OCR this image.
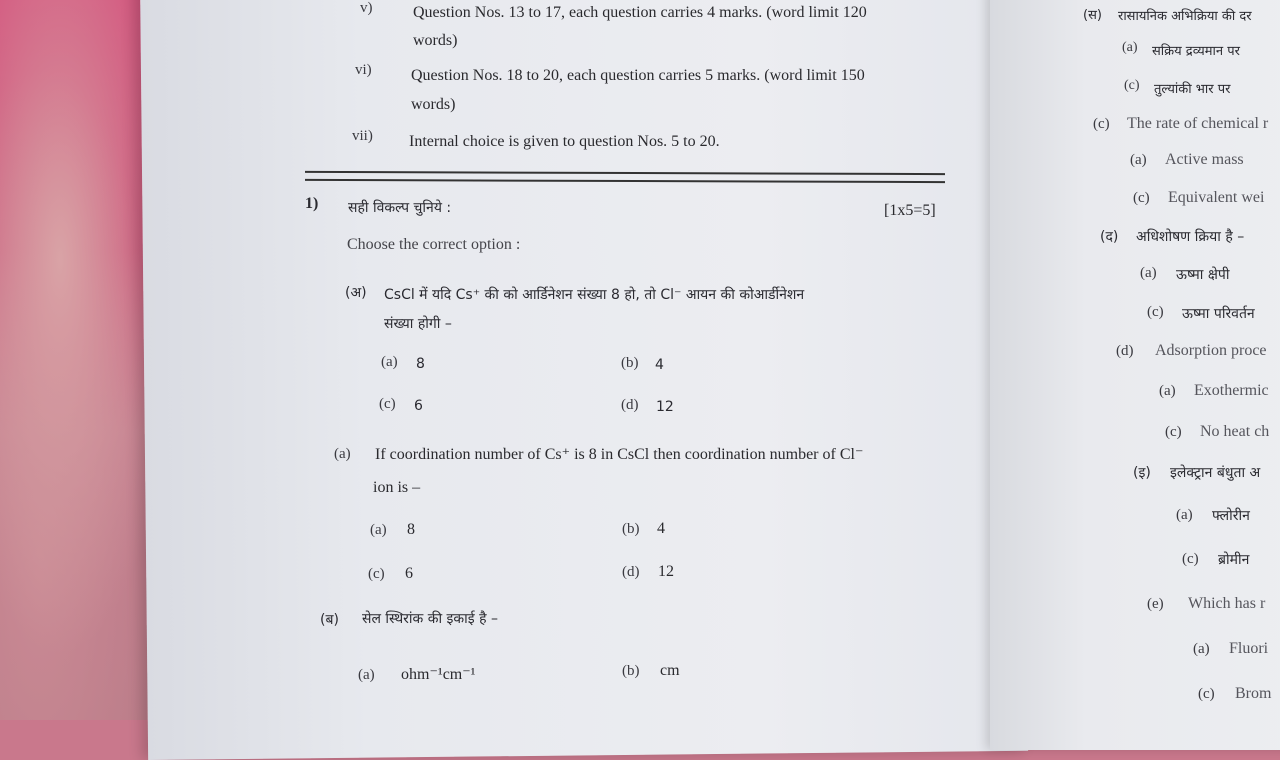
v)	Question Nos. 13 to 17, each question carries 4 marks. (word limit 120
words)
vi) Question Nos. 18 to 20, each question carries 5 marks. (word limit 150
words)
vii) Internal choice is given to question Nos. 5 to 20.
1) सही विकल्प चुनिये :	[1x5=5]
Choose the correct option :
(अ) CsCl में यदि Cs⁺ की को आर्डिनेशन संख्या 8 हो, तो Cl⁻ आयन की कोआर्डीनेशन
संख्या होगी –
(a) 8	(b) 4
(c) 6	(d) 12
(a) If coordination number of Cs⁺ is 8 in CsCl then coordination number of Cl⁻
ion is –
(a) 8	(b) 4
(c) 6	(d) 12
(ब) सेल स्थिरांक की इकाई है –
(a) ohm⁻¹cm⁻¹	(b) cm
(स) रासायनिक अभिक्रिया की दर
(a) सक्रिय द्रव्यमान पर
(c) तुल्यांकी भार पर
(c) The rate of chemical r
(a) Active mass
(c) Equivalent wei
(द) अधिशोषण क्रिया है –
(a) ऊष्मा क्षेपी
(c) ऊष्मा परिवर्तन
(d) Adsorption proce
(a) Exothermic
(c) No heat ch
(इ) इलेक्ट्रान बंधुता अ
(a) फ्लोरीन
(c) ब्रोमीन
(e) Which has r
(a) Fluori
(c) Brom
